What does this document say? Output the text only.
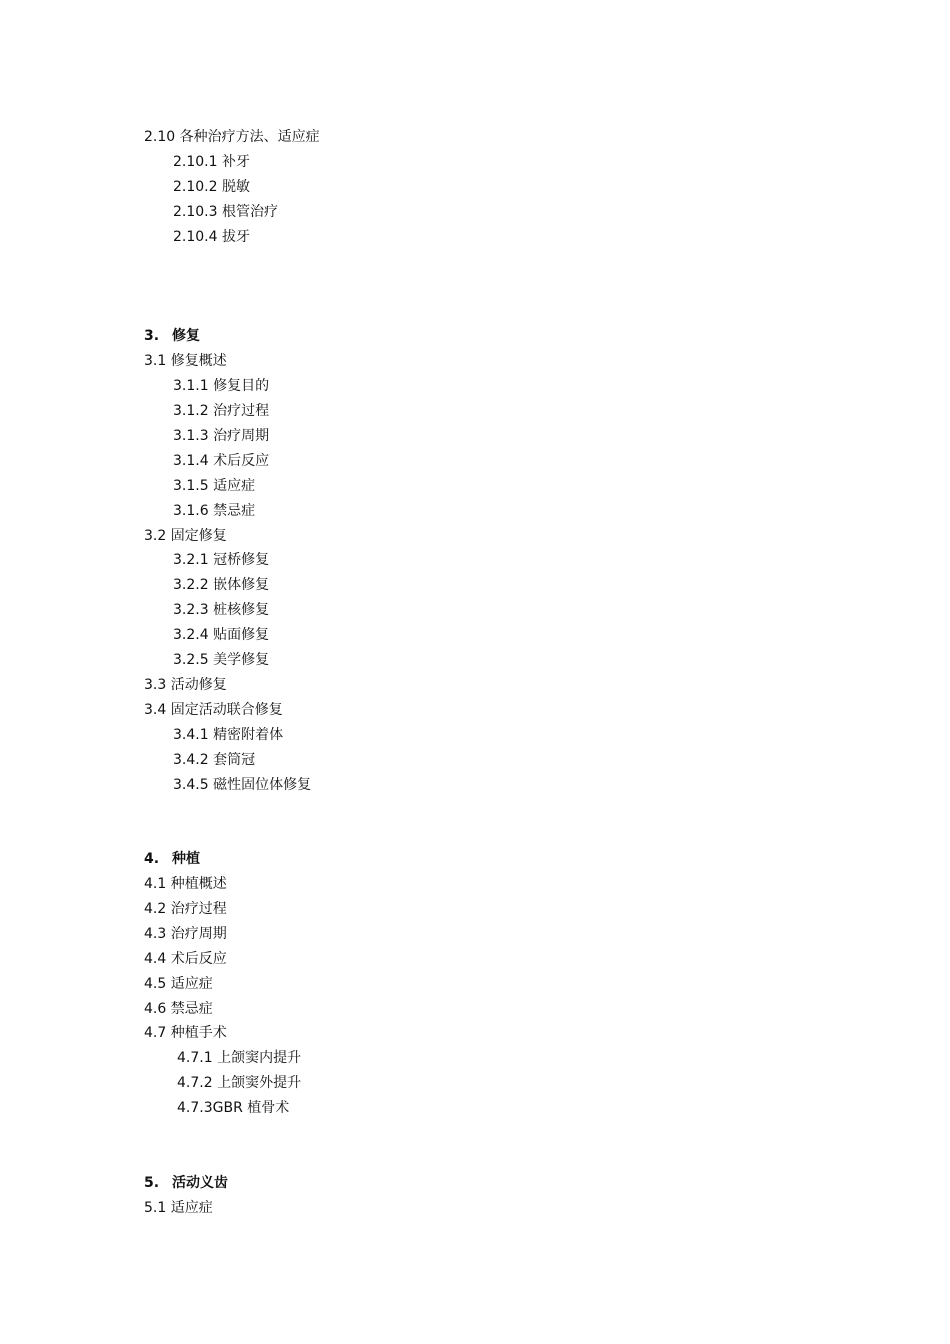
2.10 各种治疗方法、适应症
2.10.1 补牙
2.10.2 脱敏
2.10.3 根管治疗
2.10.4 拔牙
3. 修复
3.1 修复概述
3.1.1 修复目的
3.1.2 治疗过程
3.1.3 治疗周期
3.1.4 术后反应
3.1.5 适应症
3.1.6 禁忌症
3.2 固定修复
3.2.1 冠桥修复
3.2.2 嵌体修复
3.2.3 桩核修复
3.2.4 贴面修复
3.2.5 美学修复
3.3 活动修复
3.4 固定活动联合修复
3.4.1 精密附着体
3.4.2 套筒冠
3.4.5 磁性固位体修复
4. 种植
4.1 种植概述
4.2 治疗过程
4.3 治疗周期
4.4 术后反应
4.5 适应症
4.6 禁忌症
4.7 种植手术
4.7.1 上颌窦内提升
4.7.2 上颌窦外提升
4.7.3GBR 植骨术
5. 活动义齿
5.1 适应症
